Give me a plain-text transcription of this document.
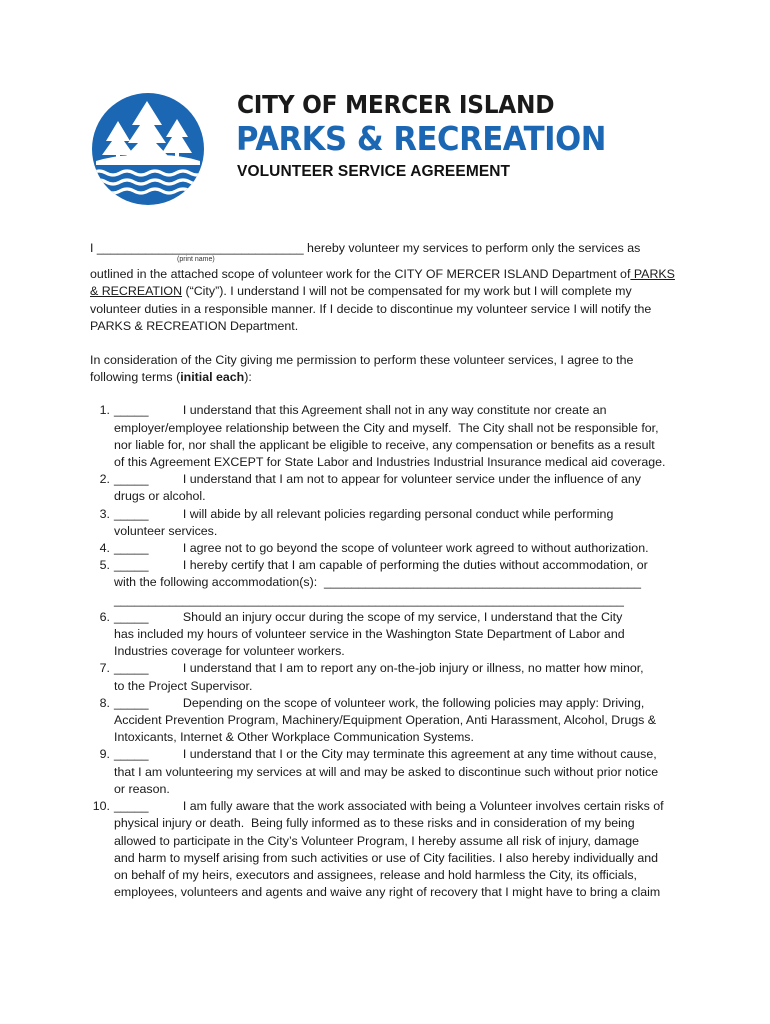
CITY OF MERCER ISLAND
PARKS & RECREATION
VOLUNTEER SERVICE AGREEMENT
I ______________________________ hereby volunteer my services to perform only the services as
(print name)
outlined in the attached scope of volunteer work for the CITY OF MERCER ISLAND Department of PARKS
& RECREATION (“City”). I understand I will not be compensated for my work but I will complete my
volunteer duties in a responsible manner. If I decide to discontinue my volunteer service I will notify the
PARKS & RECREATION Department.
In consideration of the City giving me permission to perform these volunteer services, I agree to the
following terms (initial each):
1. _____          I understand that this Agreement shall not in any way constitute nor create an
employer/employee relationship between the City and myself.  The City shall not be responsible for,
nor liable for, nor shall the applicant be eligible to receive, any compensation or benefits as a result
of this Agreement EXCEPT for State Labor and Industries Industrial Insurance medical aid coverage.
2. _____          I understand that I am not to appear for volunteer service under the influence of any
drugs or alcohol.
3. _____          I will abide by all relevant policies regarding personal conduct while performing
volunteer services.
4. _____          I agree not to go beyond the scope of volunteer work agreed to without authorization.
5. _____          I hereby certify that I am capable of performing the duties without accommodation, or
with the following accommodation(s):  ______________________________________________
__________________________________________________________________________
6. _____          Should an injury occur during the scope of my service, I understand that the City
has included my hours of volunteer service in the Washington State Department of Labor and
Industries coverage for volunteer workers.
7. _____          I understand that I am to report any on-the-job injury or illness, no matter how minor,
to the Project Supervisor.
8. _____          Depending on the scope of volunteer work, the following policies may apply: Driving,
Accident Prevention Program, Machinery/Equipment Operation, Anti Harassment, Alcohol, Drugs &
Intoxicants, Internet & Other Workplace Communication Systems.
9. _____          I understand that I or the City may terminate this agreement at any time without cause,
that I am volunteering my services at will and may be asked to discontinue such without prior notice
or reason.
10. _____          I am fully aware that the work associated with being a Volunteer involves certain risks of
physical injury or death.  Being fully informed as to these risks and in consideration of my being
allowed to participate in the City’s Volunteer Program, I hereby assume all risk of injury, damage
and harm to myself arising from such activities or use of City facilities. I also hereby individually and
on behalf of my heirs, executors and assignees, release and hold harmless the City, its officials,
employees, volunteers and agents and waive any right of recovery that I might have to bring a claim
